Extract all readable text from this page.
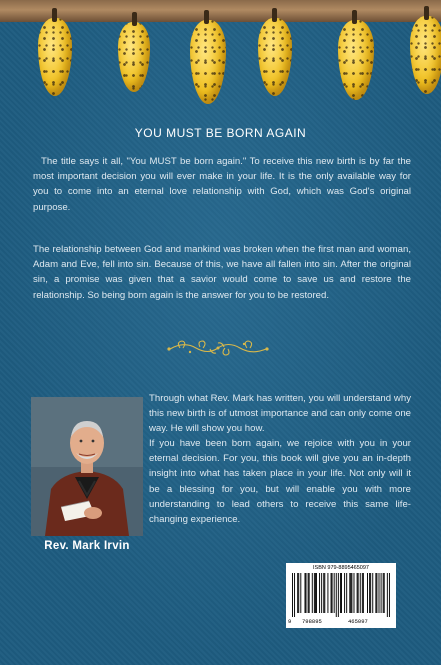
YOU MUST BE BORN AGAIN

The title says it all, "You MUST be born again." To receive this new birth is by far the most important decision you will ever make in your life. It is the only available way for you to come into an eternal love relationship with God, which was God's original purpose.

The relationship between God and mankind was broken when the first man and woman, Adam and Eve, fell into sin. Because of this, we have all fallen into sin. After the original sin, a promise was given that a savior would come to save us and restore the relationship. So being born again is the answer for you to be restored.

Rev. Mark Irvin

Through what Rev. Mark has written, you will understand why this new birth is of utmost importance and can only come one way. He will show you how.

If you have been born again, we rejoice with you in your eternal decision. For you, this book will give you an in-depth insight into what has taken place in your life. Not only will it be a blessing for you, but will enable you with more understanding to lead others to receive this same life-changing experience.

ISBN 979-8895465097
9 798895	465097
